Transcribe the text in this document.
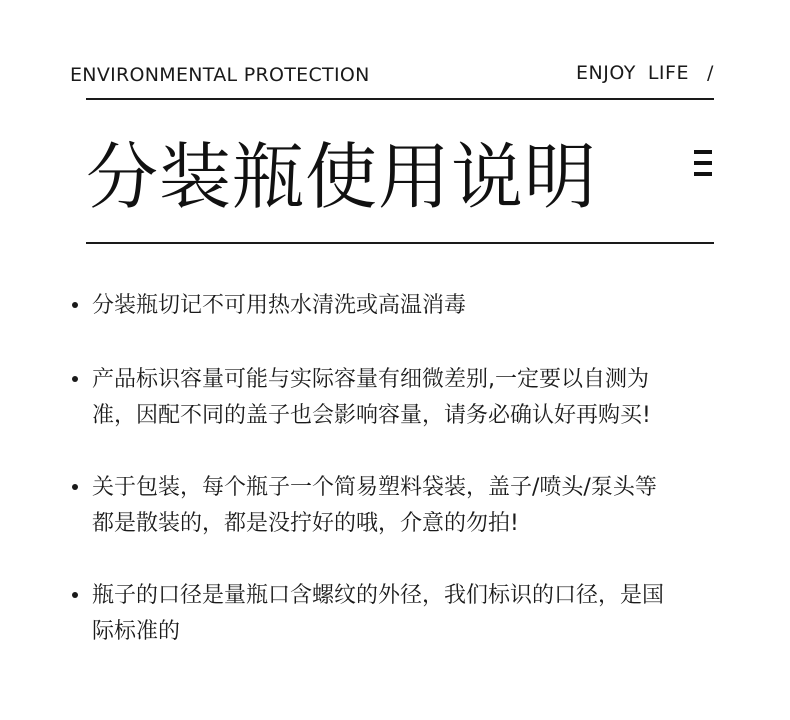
ENVIRONMENTAL PROTECTION	ENJOY LIFE /
分装瓶使用说明
分装瓶切记不可用热水清洗或高温消毒
产品标识容量可能与实际容量有细微差别,一定要以自测为
准，因配不同的盖子也会影响容量，请务必确认好再购买!
关于包装，每个瓶子一个简易塑料袋装，盖子/喷头/泵头等
都是散装的，都是没拧好的哦，介意的勿拍!
瓶子的口径是量瓶口含螺纹的外径，我们标识的口径，是国
际标准的
